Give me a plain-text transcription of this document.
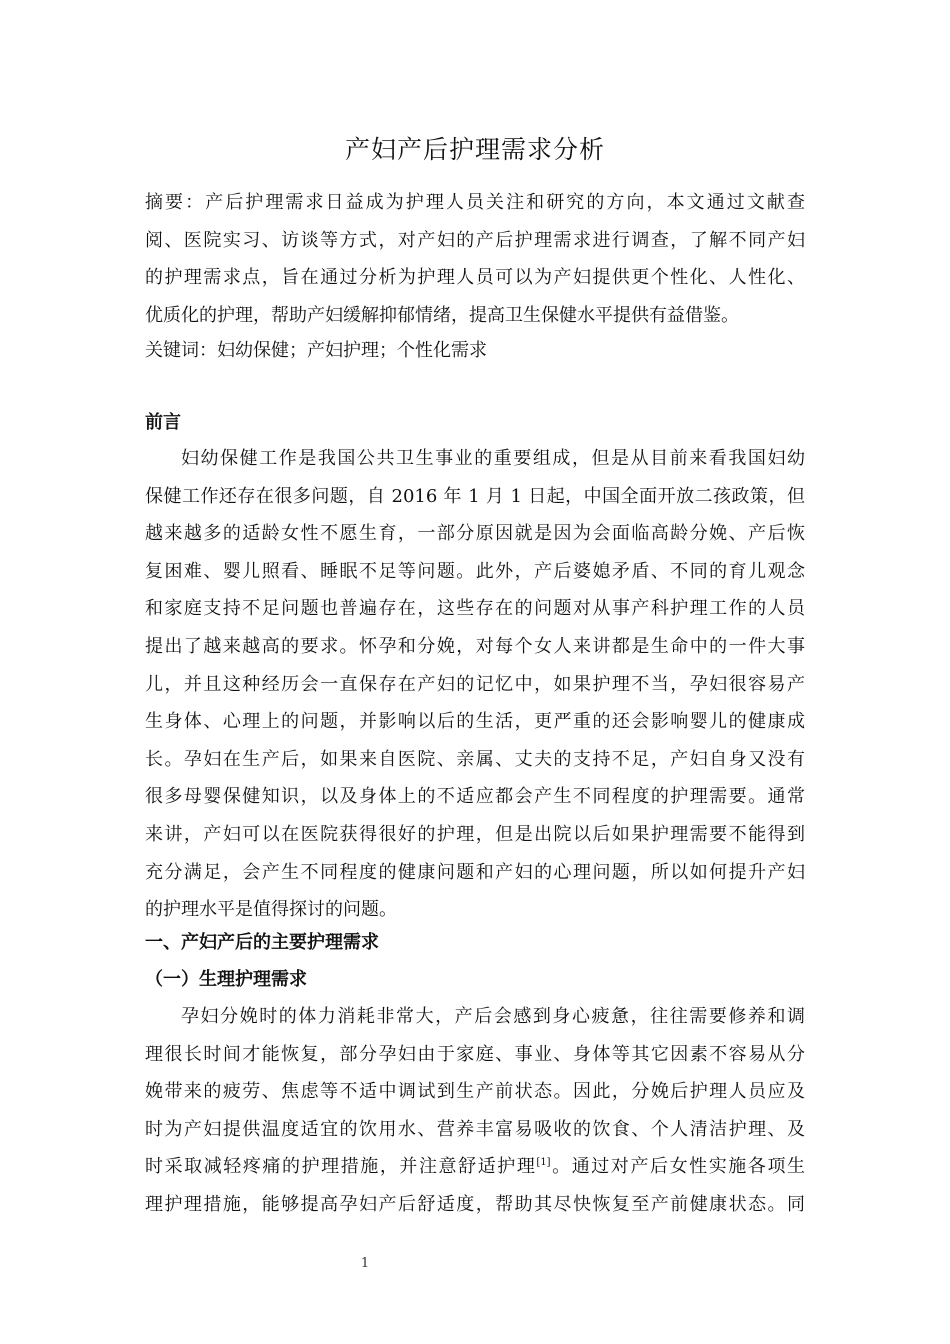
产妇产后护理需求分析
摘要：产后护理需求日益成为护理人员关注和研究的方向，本文通过文献查
阅、医院实习、访谈等方式，对产妇的产后护理需求进行调查，了解不同产妇
的护理需求点，旨在通过分析为护理人员可以为产妇提供更个性化、人性化、
优质化的护理，帮助产妇缓解抑郁情绪，提高卫生保健水平提供有益借鉴。
关键词：妇幼保健；产妇护理；个性化需求
前言
妇幼保健工作是我国公共卫生事业的重要组成，但是从目前来看我国妇幼
保健工作还存在很多问题，自 2016 年 1 月 1 日起，中国全面开放二孩政策，但
越来越多的适龄女性不愿生育，一部分原因就是因为会面临高龄分娩、产后恢
复困难、婴儿照看、睡眠不足等问题。此外，产后婆媳矛盾、不同的育儿观念
和家庭支持不足问题也普遍存在，这些存在的问题对从事产科护理工作的人员
提出了越来越高的要求。怀孕和分娩，对每个女人来讲都是生命中的一件大事
儿，并且这种经历会一直保存在产妇的记忆中，如果护理不当，孕妇很容易产
生身体、心理上的问题，并影响以后的生活，更严重的还会影响婴儿的健康成
长。孕妇在生产后，如果来自医院、亲属、丈夫的支持不足，产妇自身又没有
很多母婴保健知识，以及身体上的不适应都会产生不同程度的护理需要。通常
来讲，产妇可以在医院获得很好的护理，但是出院以后如果护理需要不能得到
充分满足，会产生不同程度的健康问题和产妇的心理问题，所以如何提升产妇
的护理水平是值得探讨的问题。
一、产妇产后的主要护理需求
（一）生理护理需求
孕妇分娩时的体力消耗非常大，产后会感到身心疲惫，往往需要修养和调
理很长时间才能恢复，部分孕妇由于家庭、事业、身体等其它因素不容易从分
娩带来的疲劳、焦虑等不适中调试到生产前状态。因此，分娩后护理人员应及
时为产妇提供温度适宜的饮用水、营养丰富易吸收的饮食、个人清洁护理、及
时采取减轻疼痛的护理措施，并注意舒适护理[1]。通过对产后女性实施各项生
理护理措施，能够提高孕妇产后舒适度，帮助其尽快恢复至产前健康状态。同
1
